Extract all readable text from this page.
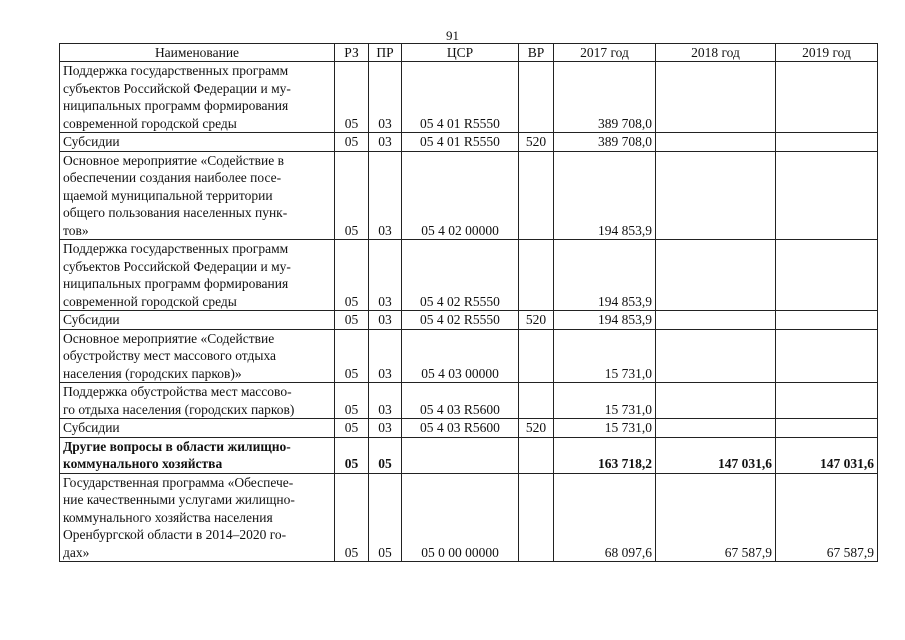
91
Наименование	РЗ	ПР	ЦСР	ВР	2017 год	2018 год	2019 год

Поддержка государственных программ
субъектов Российской Федерации и му-
ниципальных программ формирования
современной городской среды	05	03	05 4 01 R5550		389 708,0		

Субсидии	05	03	05 4 01 R5550	520	389 708,0		

Основное мероприятие «Содействие в
обеспечении создания наиболее посе-
щаемой муниципальной территории
общего пользования населенных пунк-
тов»	05	03	05 4 02 00000		194 853,9		

Поддержка государственных программ
субъектов Российской Федерации и му-
ниципальных программ формирования
современной городской среды	05	03	05 4 02 R5550		194 853,9		

Субсидии	05	03	05 4 02 R5550	520	194 853,9		

Основное мероприятие «Содействие
обустройству мест массового отдыха
населения (городских парков)»	05	03	05 4 03 00000		15 731,0		

Поддержка обустройства мест массово-
го отдыха населения (городских парков)	05	03	05 4 03 R5600		15 731,0		

Субсидии	05	03	05 4 03 R5600	520	15 731,0		

Другие вопросы в области жилищно-
коммунального хозяйства	05	05			163 718,2	147 031,6	147 031,6

Государственная программа «Обеспече-
ние качественными услугами жилищно-
коммунального хозяйства населения
Оренбургской области в 2014–2020 го-
дах»	05	05	05 0 00 00000		68 097,6	67 587,9	67 587,9
